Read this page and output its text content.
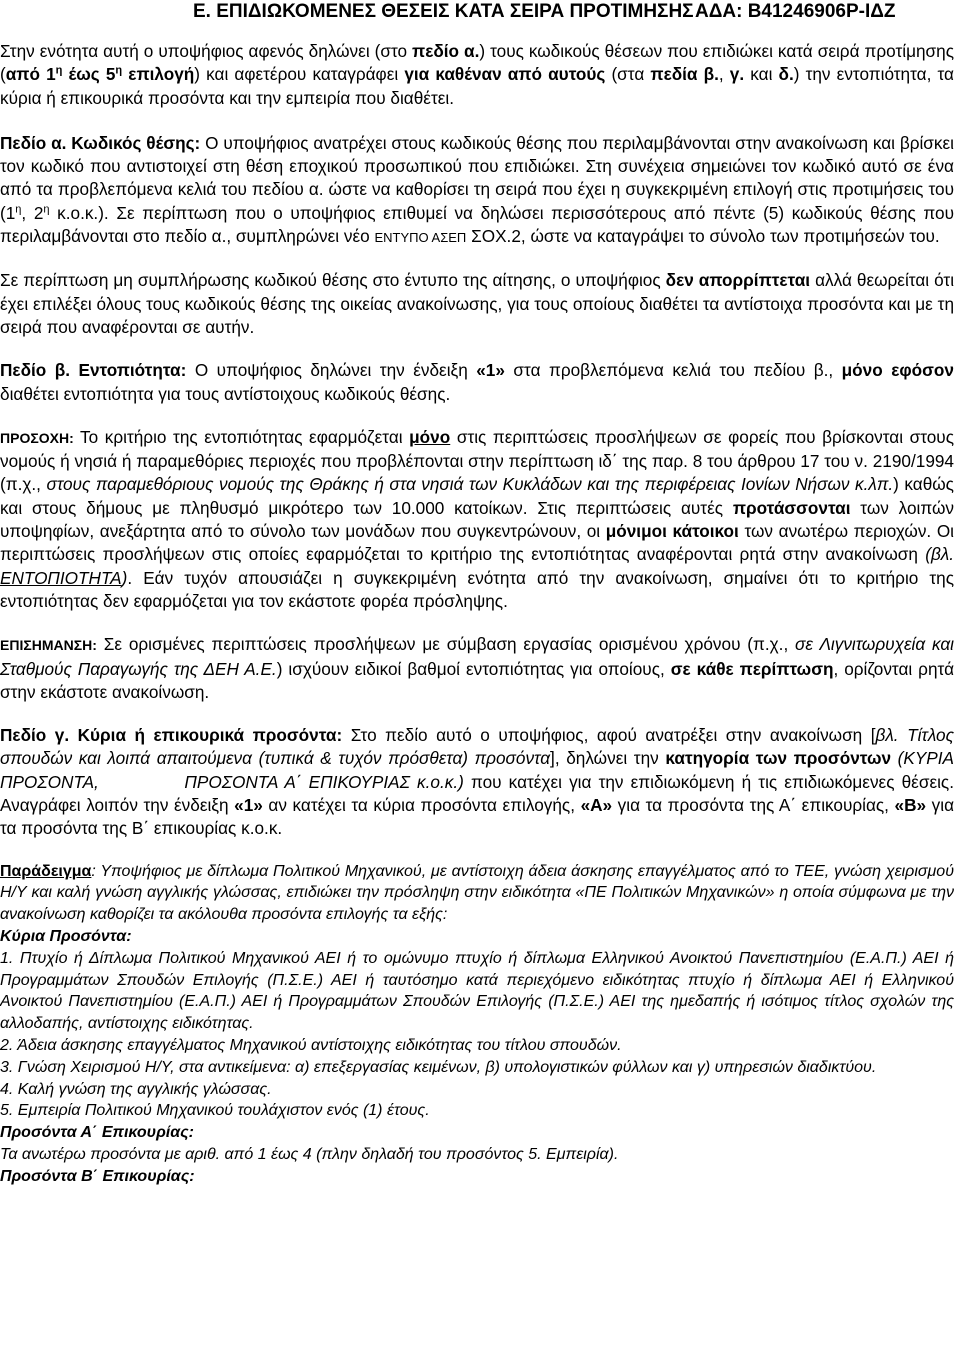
Ε. ΕΠΙΔΙΩΚΟΜΕΝΕΣ ΘΕΣΕΙΣ ΚΑΤΑ ΣΕΙΡΑ ΠΡΟΤΙΜΗΣΗΣ ΑΔΑ: Β41246906Ρ-ΙΔΖ

Στην ενότητα αυτή ο υποψήφιος αφενός δηλώνει (στο πεδίο α.) τους κωδικούς θέσεων που επιδιώκει κατά σειρά προτίμησης (από $1^\eta$ έως $5^\eta$ επιλογή) και αφετέρου καταγράφει για καθέναν από αυτούς (στα πεδία β., γ. και δ.) την εντοπιότητα, τα κύρια ή επικουρικά προσόντα και την εμπειρία που διαθέτει.

Πεδίο α. Κωδικός θέσης: Ο υποψήφιος ανατρέχει στους κωδικούς θέσης που περιλαμβάνονται στην ανακοίνωση και βρίσκει τον κωδικό που αντιστοιχεί στη θέση εποχικού προσωπικού που επιδιώκει. Στη συνέχεια σημειώνει τον κωδικό αυτό σε ένα από τα προβλεπόμενα κελιά του πεδίου α. ώστε να καθορίσει τη σειρά που έχει η συγκεκριμένη επιλογή στις προτιμήσεις του ($1^\eta$, $2^\eta$ κ.ο.κ.). Σε περίπτωση που ο υποψήφιος επιθυμεί να δηλώσει περισσότερους από πέντε (5) κωδικούς θέσης που περιλαμβάνονται στο πεδίο α., συμπληρώνει νέο ΕΝΤΥΠΟ ΑΣΕΠ ΣΟΧ.2, ώστε να καταγράψει το σύνολο των προτιμήσεών του.

Σε περίπτωση μη συμπλήρωσης κωδικού θέσης στο έντυπο της αίτησης, ο υποψήφιος δεν απορρίπτεται αλλά θεωρείται ότι έχει επιλέξει όλους τους κωδικούς θέσης της οικείας ανακοίνωσης, για τους οποίους διαθέτει τα αντίστοιχα προσόντα και με τη σειρά που αναφέρονται σε αυτήν.

Πεδίο β. Εντοπιότητα: Ο υποψήφιος δηλώνει την ένδειξη «1» στα προβλεπόμενα κελιά του πεδίου β., μόνο εφόσον διαθέτει εντοπιότητα για τους αντίστοιχους κωδικούς θέσης.

ΠΡΟΣΟΧΗ: Το κριτήριο της εντοπιότητας εφαρμόζεται μόνο στις περιπτώσεις προσλήψεων σε φορείς που βρίσκονται στους νομούς ή νησιά ή παραμεθόριες περιοχές που προβλέπονται στην περίπτωση ιδ΄ της παρ. 8 του άρθρου 17 του ν. 2190/1994 (π.χ., στους παραμεθόριους νομούς της Θράκης ή στα νησιά των Κυκλάδων και της περιφέρειας Ιονίων Νήσων κ.λπ.) καθώς και στους δήμους με πληθυσμό μικρότερο των 10.000 κατοίκων. Στις περιπτώσεις αυτές προτάσσονται των λοιπών υποψηφίων, ανεξάρτητα από το σύνολο των μονάδων που συγκεντρώνουν, οι μόνιμοι κάτοικοι των ανωτέρω περιοχών. Οι περιπτώσεις προσλήψεων στις οποίες εφαρμόζεται το κριτήριο της εντοπιότητας αναφέρονται ρητά στην ανακοίνωση (βλ. ΕΝΤΟΠΙΟΤΗΤΑ). Εάν τυχόν απουσιάζει η συγκεκριμένη ενότητα από την ανακοίνωση, σημαίνει ότι το κριτήριο της εντοπιότητας δεν εφαρμόζεται για τον εκάστοτε φορέα πρόσληψης.

ΕΠΙΣΗΜΑΝΣΗ: Σε ορισμένες περιπτώσεις προσλήψεων με σύμβαση εργασίας ορισμένου χρόνου (π.χ., σε Λιγνιτωρυχεία και Σταθμούς Παραγωγής της ΔΕΗ Α.Ε.) ισχύουν ειδικοί βαθμοί εντοπιότητας για οποίους, σε κάθε περίπτωση, ορίζονται ρητά στην εκάστοτε ανακοίνωση.

Πεδίο γ. Κύρια ή επικουρικά προσόντα: Στο πεδίο αυτό ο υποψήφιος, αφού ανατρέξει στην ανακοίνωση [βλ. Τίτλος σπουδών και λοιπά απαιτούμενα (τυπικά & τυχόν πρόσθετα) προσόντα], δηλώνει την κατηγορία των προσόντων (ΚΥΡΙΑ ΠΡΟΣΟΝΤΑ,            ΠΡΟΣΟΝΤΑ Α΄ ΕΠΙΚΟΥΡΙΑΣ κ.ο.κ.) που κατέχει για την επιδιωκόμενη ή τις επιδιωκόμενες θέσεις. Αναγράφει λοιπόν την ένδειξη «1» αν κατέχει τα κύρια προσόντα επιλογής, «Α» για τα προσόντα της Α΄ επικουρίας, «Β» για τα προσόντα της Β΄ επικουρίας κ.ο.κ.

Παράδειγμα: Υποψήφιος με δίπλωμα Πολιτικού Μηχανικού, με αντίστοιχη άδεια άσκησης επαγγέλματος από το ΤΕΕ, γνώση χειρισμού Η/Υ και καλή γνώση αγγλικής γλώσσας, επιδιώκει την πρόσληψη στην ειδικότητα «ΠΕ Πολιτικών Μηχανικών» η οποία σύμφωνα με την ανακοίνωση καθορίζει τα ακόλουθα προσόντα επιλογής τα εξής:

Κύρια Προσόντα:

1. Πτυχίο ή Δίπλωμα Πολιτικού Μηχανικού ΑΕΙ ή το ομώνυμο πτυχίο ή δίπλωμα Ελληνικού Ανοικτού Πανεπιστημίου (Ε.Α.Π.) ΑΕΙ ή Προγραμμάτων Σπουδών Επιλογής (Π.Σ.Ε.) ΑΕΙ ή ταυτόσημο κατά περιεχόμενο ειδικότητας πτυχίο ή δίπλωμα ΑΕΙ ή Ελληνικού Ανοικτού Πανεπιστημίου (Ε.Α.Π.) ΑΕΙ ή Προγραμμάτων Σπουδών Επιλογής (Π.Σ.Ε.) ΑΕΙ της ημεδαπής ή ισότιμος τίτλος σχολών της αλλοδαπής, αντίστοιχης ειδικότητας.

2. Άδεια άσκησης επαγγέλματος Μηχανικού αντίστοιχης ειδικότητας του τίτλου σπουδών.

3. Γνώση Χειρισμού Η/Υ, στα αντικείμενα: α) επεξεργασίας κειμένων, β) υπολογιστικών φύλλων και γ) υπηρεσιών διαδικτύου.

4. Καλή γνώση της αγγλικής γλώσσας.

5. Εμπειρία Πολιτικού Μηχανικού τουλάχιστον ενός (1) έτους.

Προσόντα Α΄ Επικουρίας:

Τα ανωτέρω προσόντα με αριθ. από 1 έως 4 (πλην δηλαδή του προσόντος 5. Εμπειρία).

Προσόντα Β΄ Επικουρίας:
